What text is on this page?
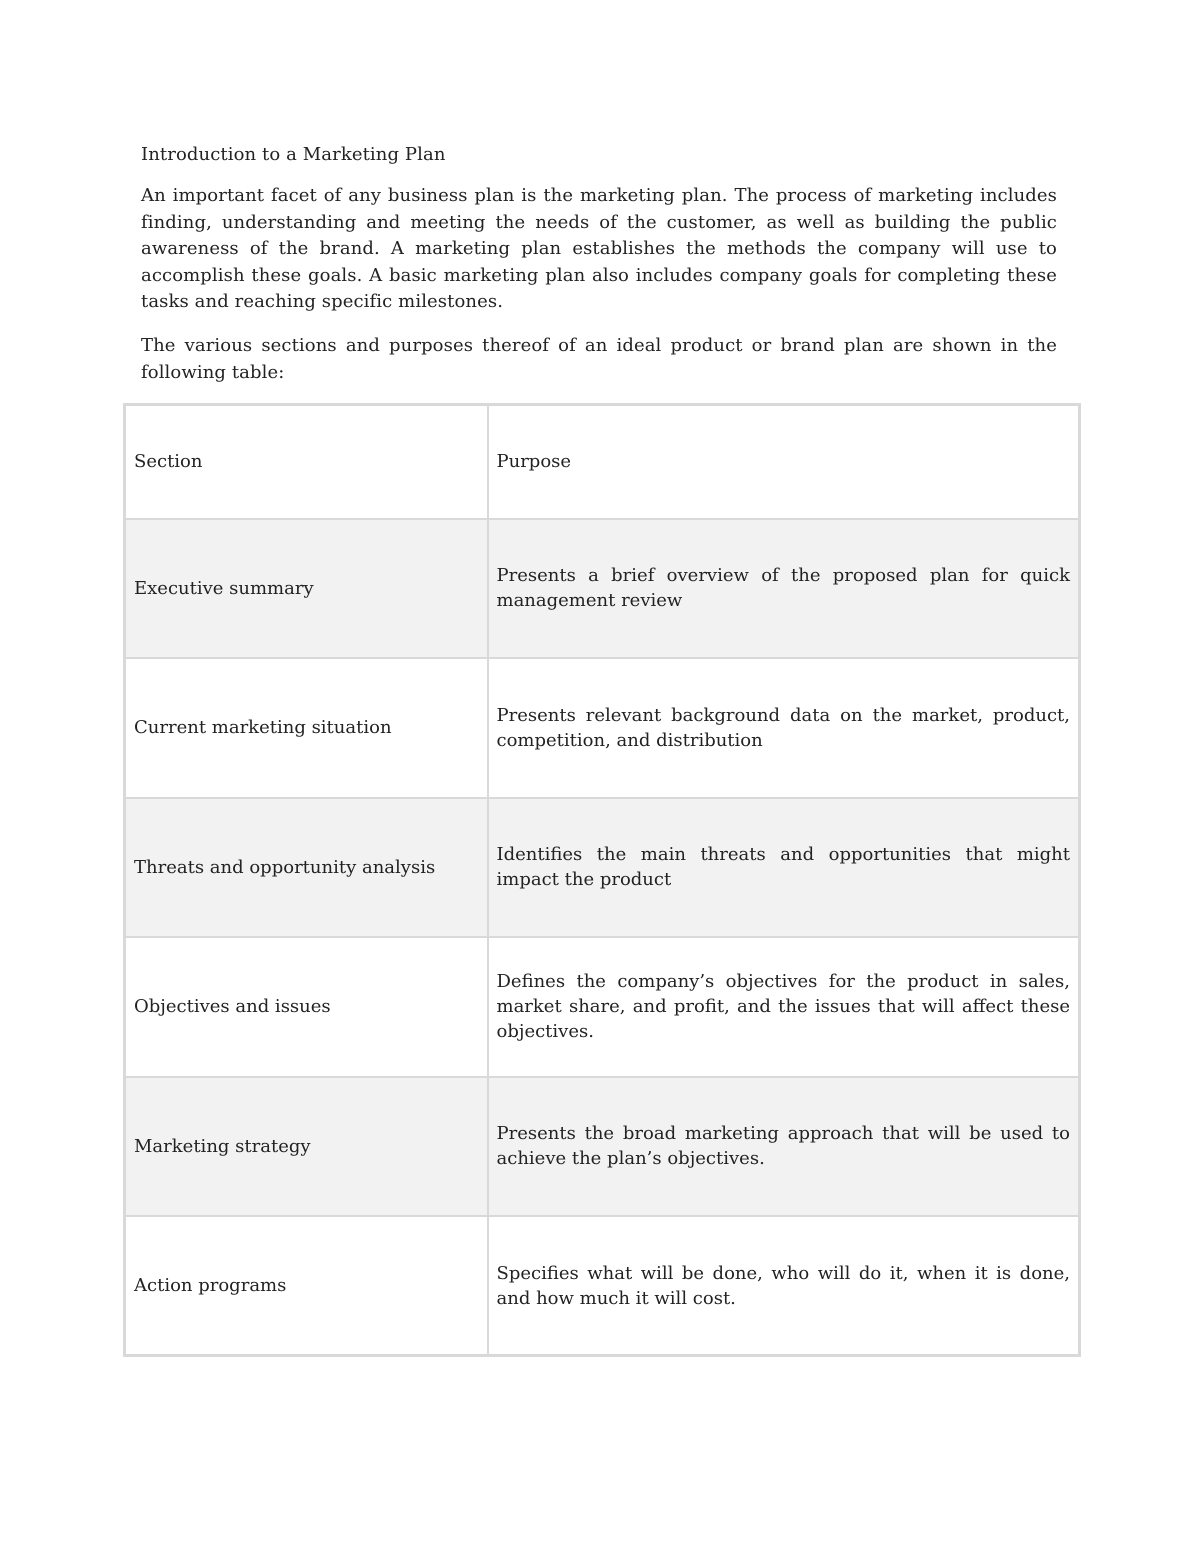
Introduction to a Marketing Plan

An important facet of any business plan is the marketing plan. The process of marketing includes finding, understanding and meeting the needs of the customer, as well as building the public awareness of the brand. A marketing plan establishes the methods the company will use to accomplish these goals. A basic marketing plan also includes company goals for completing these tasks and reaching specific milestones.

The various sections and purposes thereof of an ideal product or brand plan are shown in the following table:

Section	Purpose
Executive summary	Presents a brief overview of the proposed plan for quick management review
Current marketing situation	Presents relevant background data on the market, product, competition, and distribution
Threats and opportunity analysis	Identifies the main threats and opportunities that might impact the product
Objectives and issues	Defines the company’s objectives for the product in sales, market share, and profit, and the issues that will affect these objectives.
Marketing strategy	Presents the broad marketing approach that will be used to achieve the plan’s objectives.
Action programs	Specifies what will be done, who will do it, when it is done, and how much it will cost.
